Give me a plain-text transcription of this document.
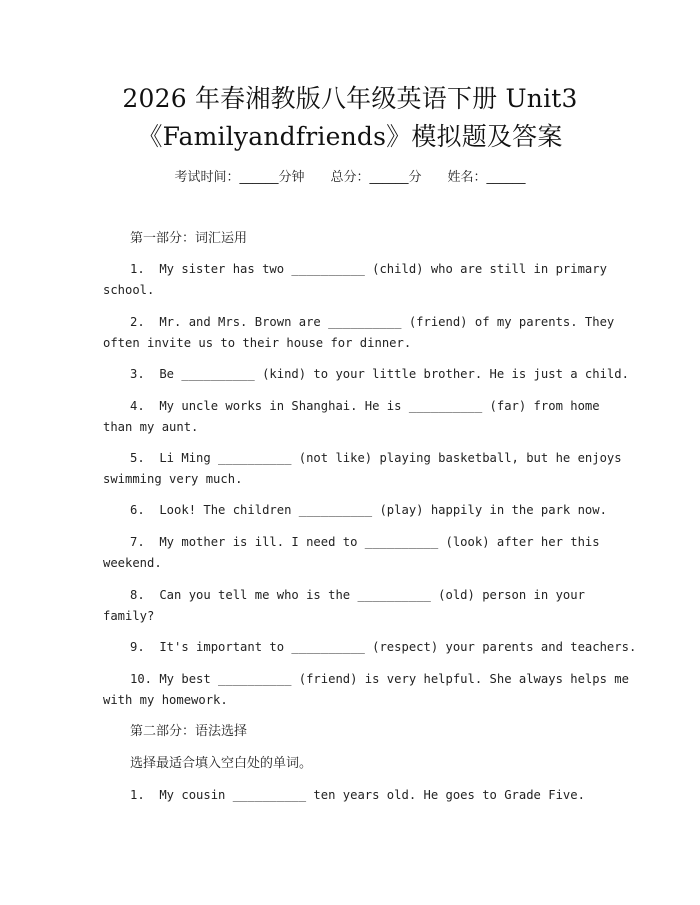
2026 年春湘教版八年级英语下册 Unit3
《Familyandfriends》模拟题及答案
考试时间：______分钟 总分：______分 姓名：______
第一部分：词汇运用
1.  My sister has two __________ (child) who are still in primary
school.
2.  Mr. and Mrs. Brown are __________ (friend) of my parents. They
often invite us to their house for dinner.
3.  Be __________ (kind) to your little brother. He is just a child.
4.  My uncle works in Shanghai. He is __________ (far) from home
than my aunt.
5.  Li Ming __________ (not like) playing basketball, but he enjoys
swimming very much.
6.  Look! The children __________ (play) happily in the park now.
7.  My mother is ill. I need to __________ (look) after her this
weekend.
8.  Can you tell me who is the __________ (old) person in your
family?
9.  It's important to __________ (respect) your parents and teachers.
10. My best __________ (friend) is very helpful. She always helps me
with my homework.
第二部分：语法选择
选择最适合填入空白处的单词。
1.  My cousin __________ ten years old. He goes to Grade Five.
